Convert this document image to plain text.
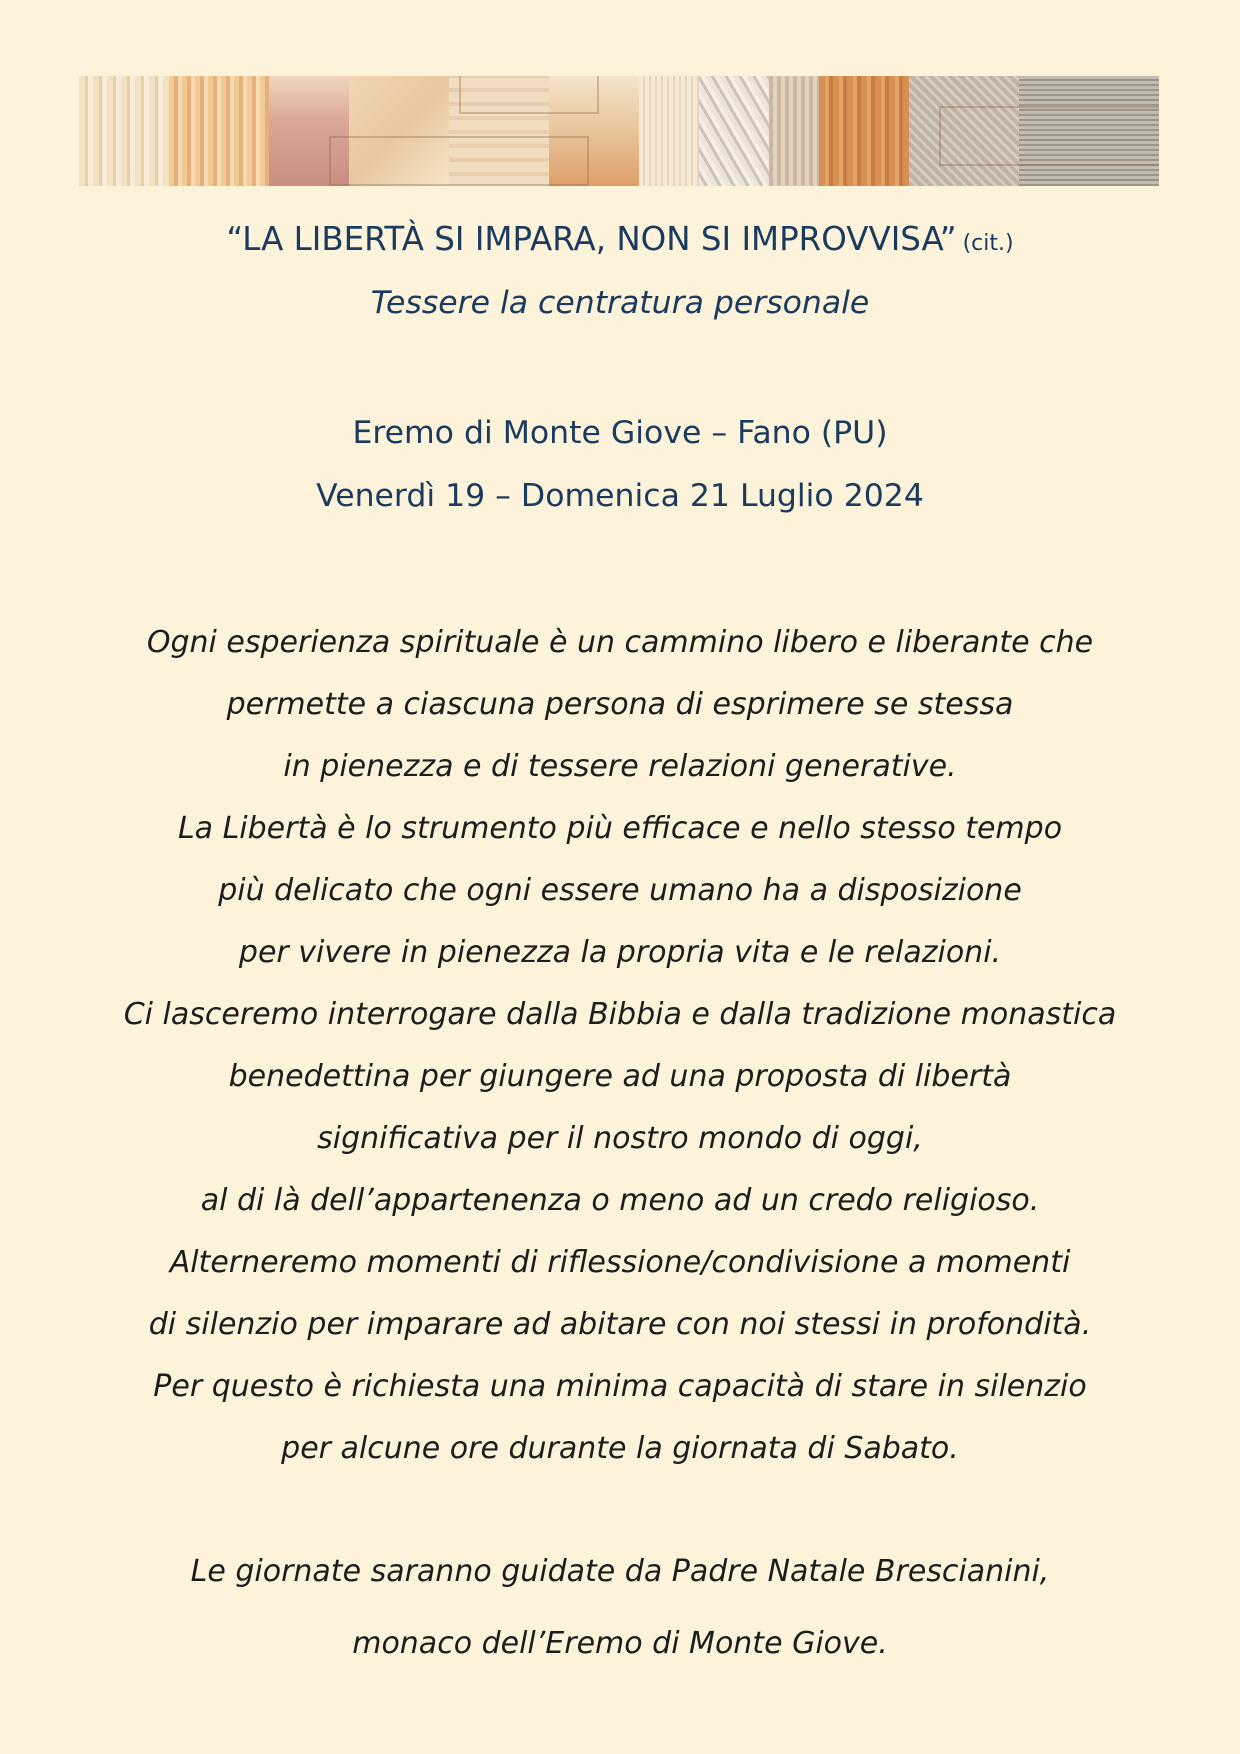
“LA LIBERTÀ SI IMPARA, NON SI IMPROVVISA” (cit.)
Tessere la centratura personale
Eremo di Monte Giove – Fano (PU)
Venerdì 19 – Domenica 21 Luglio 2024
Ogni esperienza spirituale è un cammino libero e liberante che
permette a ciascuna persona di esprimere se stessa
in pienezza e di tessere relazioni generative.
La Libertà è lo strumento più efficace e nello stesso tempo
più delicato che ogni essere umano ha a disposizione
per vivere in pienezza la propria vita e le relazioni.
Ci lasceremo interrogare dalla Bibbia e dalla tradizione monastica
benedettina per giungere ad una proposta di libertà
significativa per il nostro mondo di oggi,
al di là dell’appartenenza o meno ad un credo religioso.
Alterneremo momenti di riflessione/condivisione a momenti
di silenzio per imparare ad abitare con noi stessi in profondità.
Per questo è richiesta una minima capacità di stare in silenzio
per alcune ore durante la giornata di Sabato.
Le giornate saranno guidate da Padre Natale Brescianini,
monaco dell’Eremo di Monte Giove.
